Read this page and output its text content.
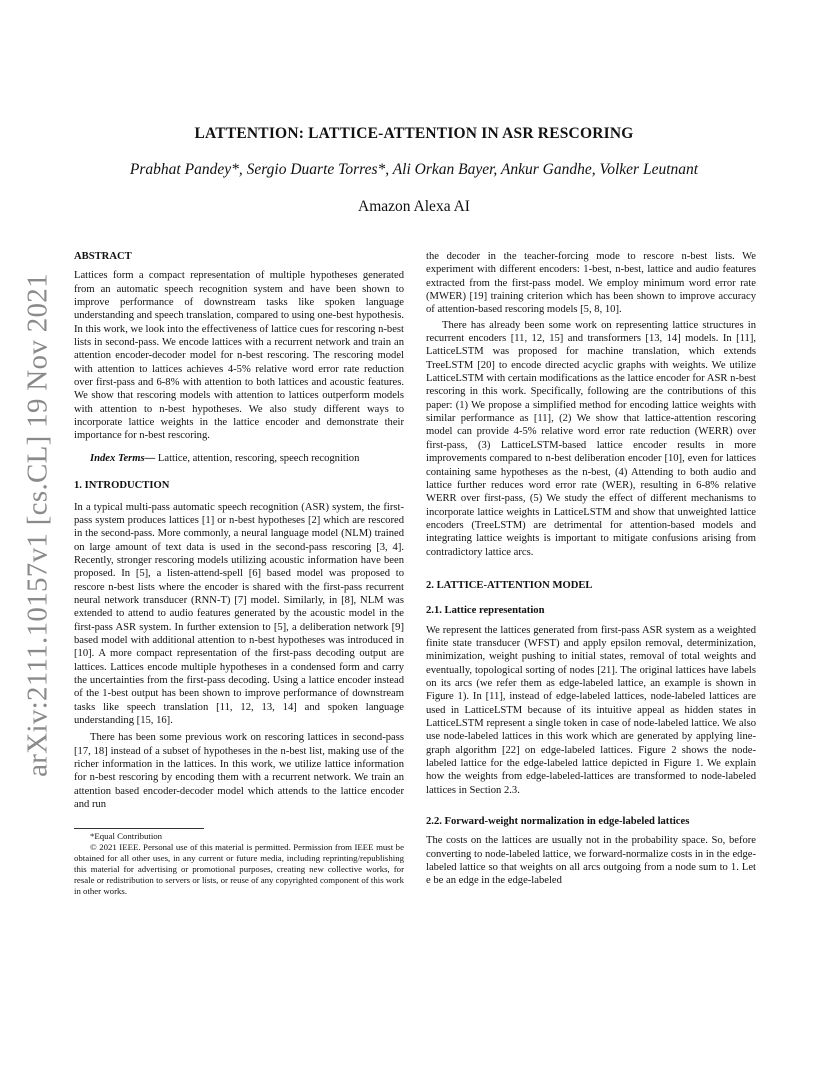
arXiv:2111.10157v1 [cs.CL] 19 Nov 2021
LATTENTION: LATTICE-ATTENTION IN ASR RESCORING
Prabhat Pandey*, Sergio Duarte Torres*, Ali Orkan Bayer, Ankur Gandhe, Volker Leutnant
Amazon Alexa AI

ABSTRACT

Lattices form a compact representation of multiple hypotheses generated from an automatic speech recognition system and have been shown to improve performance of downstream tasks like spoken language understanding and speech translation, compared to using one-best hypothesis. In this work, we look into the effectiveness of lattice cues for rescoring n-best lists in second-pass. We encode lattices with a recurrent network and train an attention encoder-decoder model for n-best rescoring. The rescoring model with attention to lattices achieves 4-5% relative word error rate reduction over first-pass and 6-8% with attention to both lattices and acoustic features. We show that rescoring models with attention to lattices outperform models with attention to n-best hypotheses. We also study different ways to incorporate lattice weights in the lattice encoder and demonstrate their importance for n-best rescoring.

Index Terms— Lattice, attention, rescoring, speech recognition

1. INTRODUCTION

In a typical multi-pass automatic speech recognition (ASR) system, the first-pass system produces lattices [1] or n-best hypotheses [2] which are rescored in the second-pass. More commonly, a neural language model (NLM) trained on large amount of text data is used in the second-pass rescoring [3, 4]. Recently, stronger rescoring models utilizing acoustic information have been proposed. In [5], a listen-attend-spell [6] based model was proposed to rescore n-best lists where the encoder is shared with the first-pass recurrent neural network transducer (RNN-T) [7] model. Similarly, in [8], NLM was extended to attend to audio features generated by the acoustic model in the first-pass ASR system. In further extension to [5], a deliberation network [9] based model with additional attention to n-best hypotheses was introduced in [10]. A more compact representation of the first-pass decoding output are lattices. Lattices encode multiple hypotheses in a condensed form and carry the uncertainties from the first-pass decoding. Using a lattice encoder instead of the 1-best output has been shown to improve performance of downstream tasks like speech translation [11, 12, 13, 14] and spoken language understanding [15, 16].

There has been some previous work on rescoring lattices in second-pass [17, 18] instead of a subset of hypotheses in the n-best list, making use of the richer information in the lattices. In this work, we utilize lattice information for n-best rescoring by encoding them with a recurrent network. We train an attention based encoder-decoder model which attends to the lattice encoder and run

*Equal Contribution

© 2021 IEEE. Personal use of this material is permitted. Permission from IEEE must be obtained for all other uses, in any current or future media, including reprinting/republishing this material for advertising or promotional purposes, creating new collective works, for resale or redistribution to servers or lists, or reuse of any copyrighted component of this work in other works.

the decoder in the teacher-forcing mode to rescore n-best lists. We experiment with different encoders: 1-best, n-best, lattice and audio features extracted from the first-pass model. We employ minimum word error rate (MWER) [19] training criterion which has been shown to improve accuracy of attention-based rescoring models [5, 8, 10].

There has already been some work on representing lattice structures in recurrent encoders [11, 12, 15] and transformers [13, 14] models. In [11], LatticeLSTM was proposed for machine translation, which extends TreeLSTM [20] to encode directed acyclic graphs with weights. We utilize LatticeLSTM with certain modifications as the lattice encoder for ASR n-best rescoring in this work. Specifically, following are the contributions of this paper: (1) We propose a simplified method for encoding lattice weights with similar performance as [11], (2) We show that lattice-attention rescoring model can provide 4-5% relative word error rate reduction (WERR) over first-pass, (3) LatticeLSTM-based lattice encoder results in more improvements compared to n-best deliberation encoder [10], even for lattices containing same hypotheses as the n-best, (4) Attending to both audio and lattice further reduces word error rate (WER), resulting in 6-8% relative WERR over first-pass, (5) We study the effect of different mechanisms to incorporate lattice weights in LatticeLSTM and show that unweighted lattice encoders (TreeLSTM) are detrimental for attention-based models and integrating lattice weights is important to mitigate confusions arising from contradictory lattice arcs.

2. LATTICE-ATTENTION MODEL

2.1. Lattice representation

We represent the lattices generated from first-pass ASR system as a weighted finite state transducer (WFST) and apply epsilon removal, determinization, minimization, weight pushing to initial states, removal of total weights and eventually, topological sorting of nodes [21]. The original lattices have labels on its arcs (we refer them as edge-labeled lattice, an example is shown in Figure 1). In [11], instead of edge-labeled lattices, node-labeled lattices are used in LatticeLSTM because of its intuitive appeal as hidden states in LatticeLSTM represent a single token in case of node-labeled lattice. We also use node-labeled lattices in this work which are generated by applying line-graph algorithm [22] on edge-labeled lattices. Figure 2 shows the node-labeled lattice for the edge-labeled lattice depicted in Figure 1. We explain how the weights from edge-labeled-lattices are transformed to node-labeled lattices in Section 2.3.

2.2. Forward-weight normalization in edge-labeled lattices

The costs on the lattices are usually not in the probability space. So, before converting to node-labeled lattice, we forward-normalize costs in in the edge-labeled lattice so that weights on all arcs outgoing from a node sum to 1. Let e be an edge in the edge-labeled
